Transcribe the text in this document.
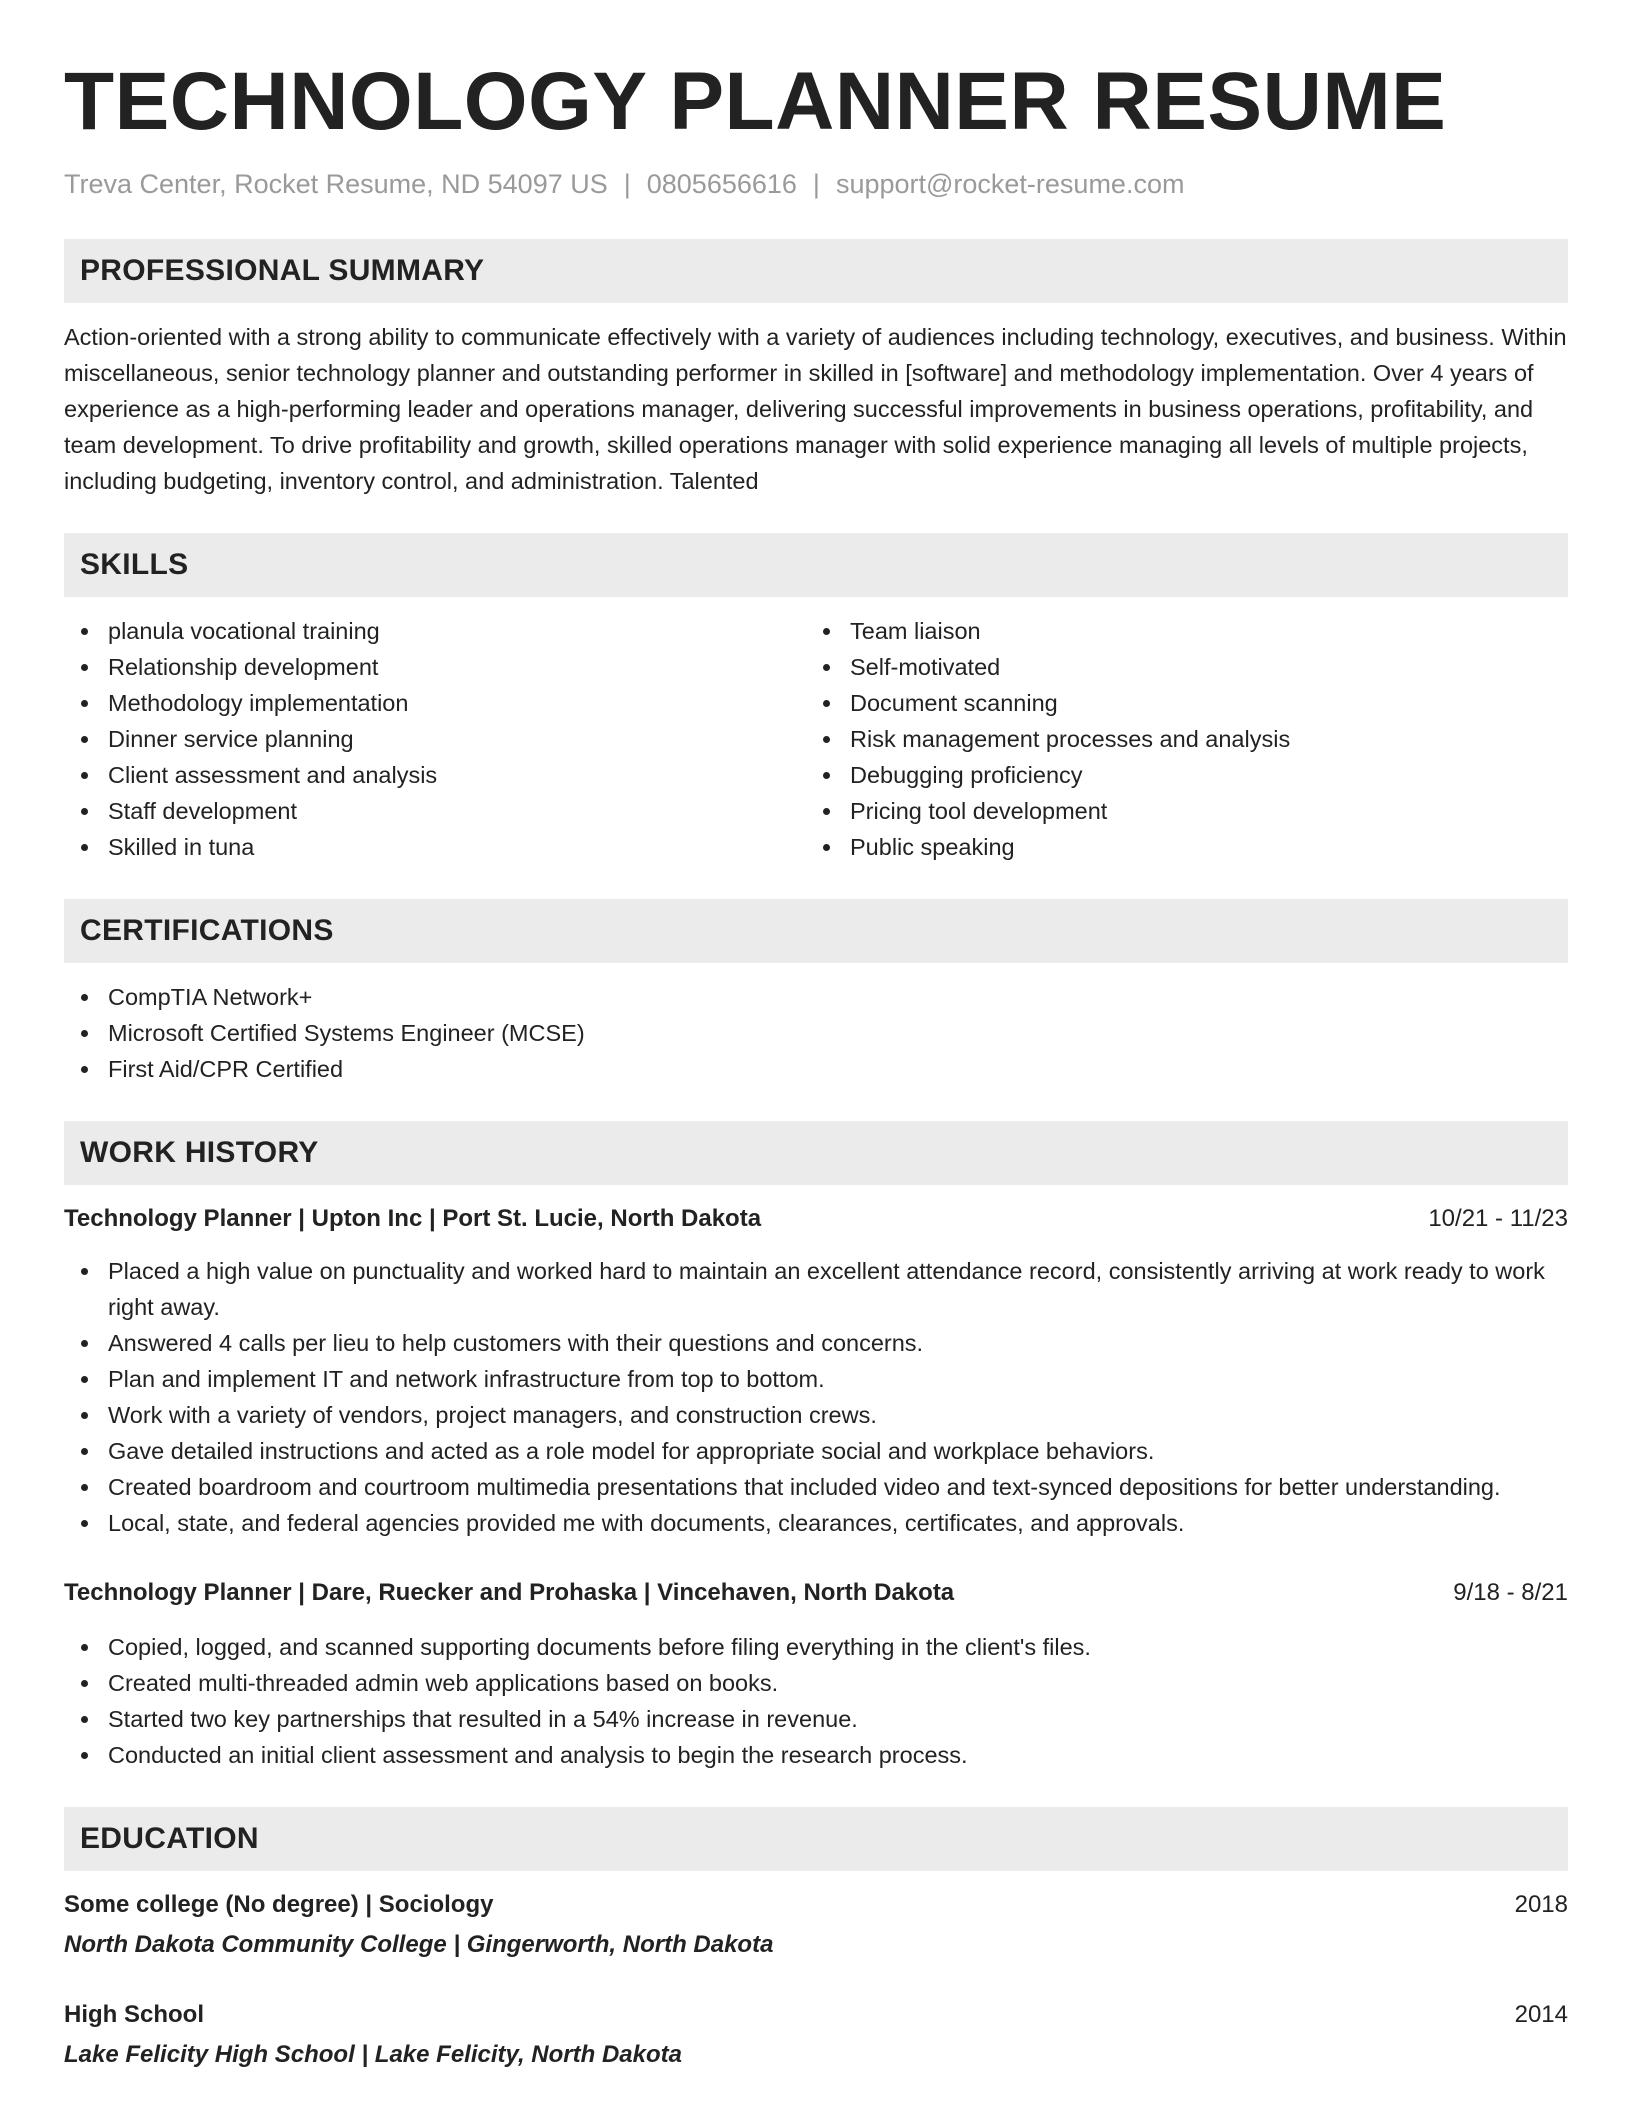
TECHNOLOGY PLANNER RESUME
Treva Center, Rocket Resume, ND 54097 US | 0805656616 | support@rocket-resume.com
PROFESSIONAL SUMMARY

Action-oriented with a strong ability to communicate effectively with a variety of audiences including technology, executives, and business. Within miscellaneous, senior technology planner and outstanding performer in skilled in [software] and methodology implementation. Over 4 years of experience as a high-performing leader and operations manager, delivering successful improvements in business operations, profitability, and team development. To drive profitability and growth, skilled operations manager with solid experience managing all levels of multiple projects, including budgeting, inventory control, and administration. Talented

SKILLS
planula vocational training
Relationship development
Methodology implementation
Dinner service planning
Client assessment and analysis
Staff development
Skilled in tuna
Team liaison
Self-motivated
Document scanning
Risk management processes and analysis
Debugging proficiency
Pricing tool development
Public speaking
CERTIFICATIONS
CompTIA Network+
Microsoft Certified Systems Engineer (MCSE)
First Aid/CPR Certified
WORK HISTORY
Technology Planner | Upton Inc | Port St. Lucie, North Dakota	10/21 - 11/23
Placed a high value on punctuality and worked hard to maintain an excellent attendance record, consistently arriving at work ready to work right away.
Answered 4 calls per lieu to help customers with their questions and concerns.
Plan and implement IT and network infrastructure from top to bottom.
Work with a variety of vendors, project managers, and construction crews.
Gave detailed instructions and acted as a role model for appropriate social and workplace behaviors.
Created boardroom and courtroom multimedia presentations that included video and text-synced depositions for better understanding.
Local, state, and federal agencies provided me with documents, clearances, certificates, and approvals.
Technology Planner | Dare, Ruecker and Prohaska | Vincehaven, North Dakota	9/18 - 8/21
Copied, logged, and scanned supporting documents before filing everything in the client's files.
Created multi-threaded admin web applications based on books.
Started two key partnerships that resulted in a 54% increase in revenue.
Conducted an initial client assessment and analysis to begin the research process.
EDUCATION
Some college (No degree) | Sociology	2018
North Dakota Community College | Gingerworth, North Dakota
High School	2014
Lake Felicity High School | Lake Felicity, North Dakota
